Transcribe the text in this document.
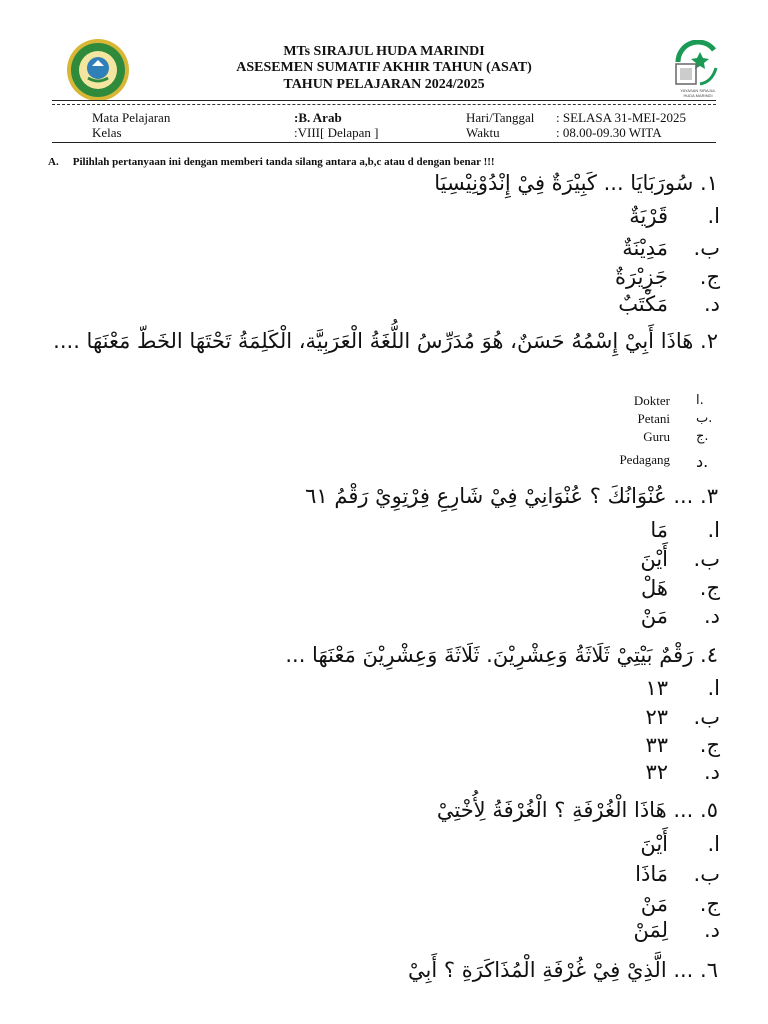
MTs SIRAJUL HUDA MARINDI
ASESEMEN SUMATIF AKHIR TAHUN (ASAT)
TAHUN PELAJARAN 2024/2025	YAYASAN SIRAJUL HUDA MARINDI
Mata Pelajaran	:B. Arab	Hari/Tanggal : SELASA 31-MEI-2025
Kelas	:VIII[ Delapan ]	Waktu	: 08.00-09.30 WITA
A. Pilihlah pertanyaan ini dengan memberi tanda silang antara a,b,c atau d dengan benar !!!
١. سُورَبَايَا ... كَبِيْرَةٌ فِيْ إِنْدُوْنِيْسِيَا
ا.
قَرْيَةٌ
ب.
مَدِيْنَةٌ
ج.
جَزِيْرَةٌ
د.
مَكْتَبٌ
٢. هَاذَا أَبِيْ إِسْمُهُ حَسَنٌ، هُوَ مُدَرِّسُ اللُّغَةُ الْعَرَبِيَّة، الْكَلِمَةُ تَحْتَهَا الخَطّ مَعْنَهَا ....
ا.
Dokter
ب.
Petani
ج.
Guru
د.
Pedagang
٣. ... عُنْوَانُكَ ؟ عُنْوَانِيْ فِيْ شَارِعِ فِرْتِوِيْ رَقْمُ ٦١
ا.
مَا
ب.
أَيْنَ
ج.
هَلْ
د.
مَنْ
٤. رَقْمٌ بَيْتِيْ ثَلَاثَةُ وَعِشْرِيْنَ. ثَلَاثَةَ وَعِشْرِيْنَ مَعْنَهَا ...
ا.
١٣
ب.
٢٣
ج.
٣٣
د.
٣٢
٥. ... هَاذَا الْغُرْفَةِ ؟ الْغُرْفَةُ لِأُخْتِيْ
ا.
أَيْنَ
ب.
مَاذَا
ج.
مَنْ
د.
لِمَنْ
٦. ... الَّذِيْ فِيْ غُرْفَةِ الْمُذَاكَرَةِ ؟ أَبِيْ
